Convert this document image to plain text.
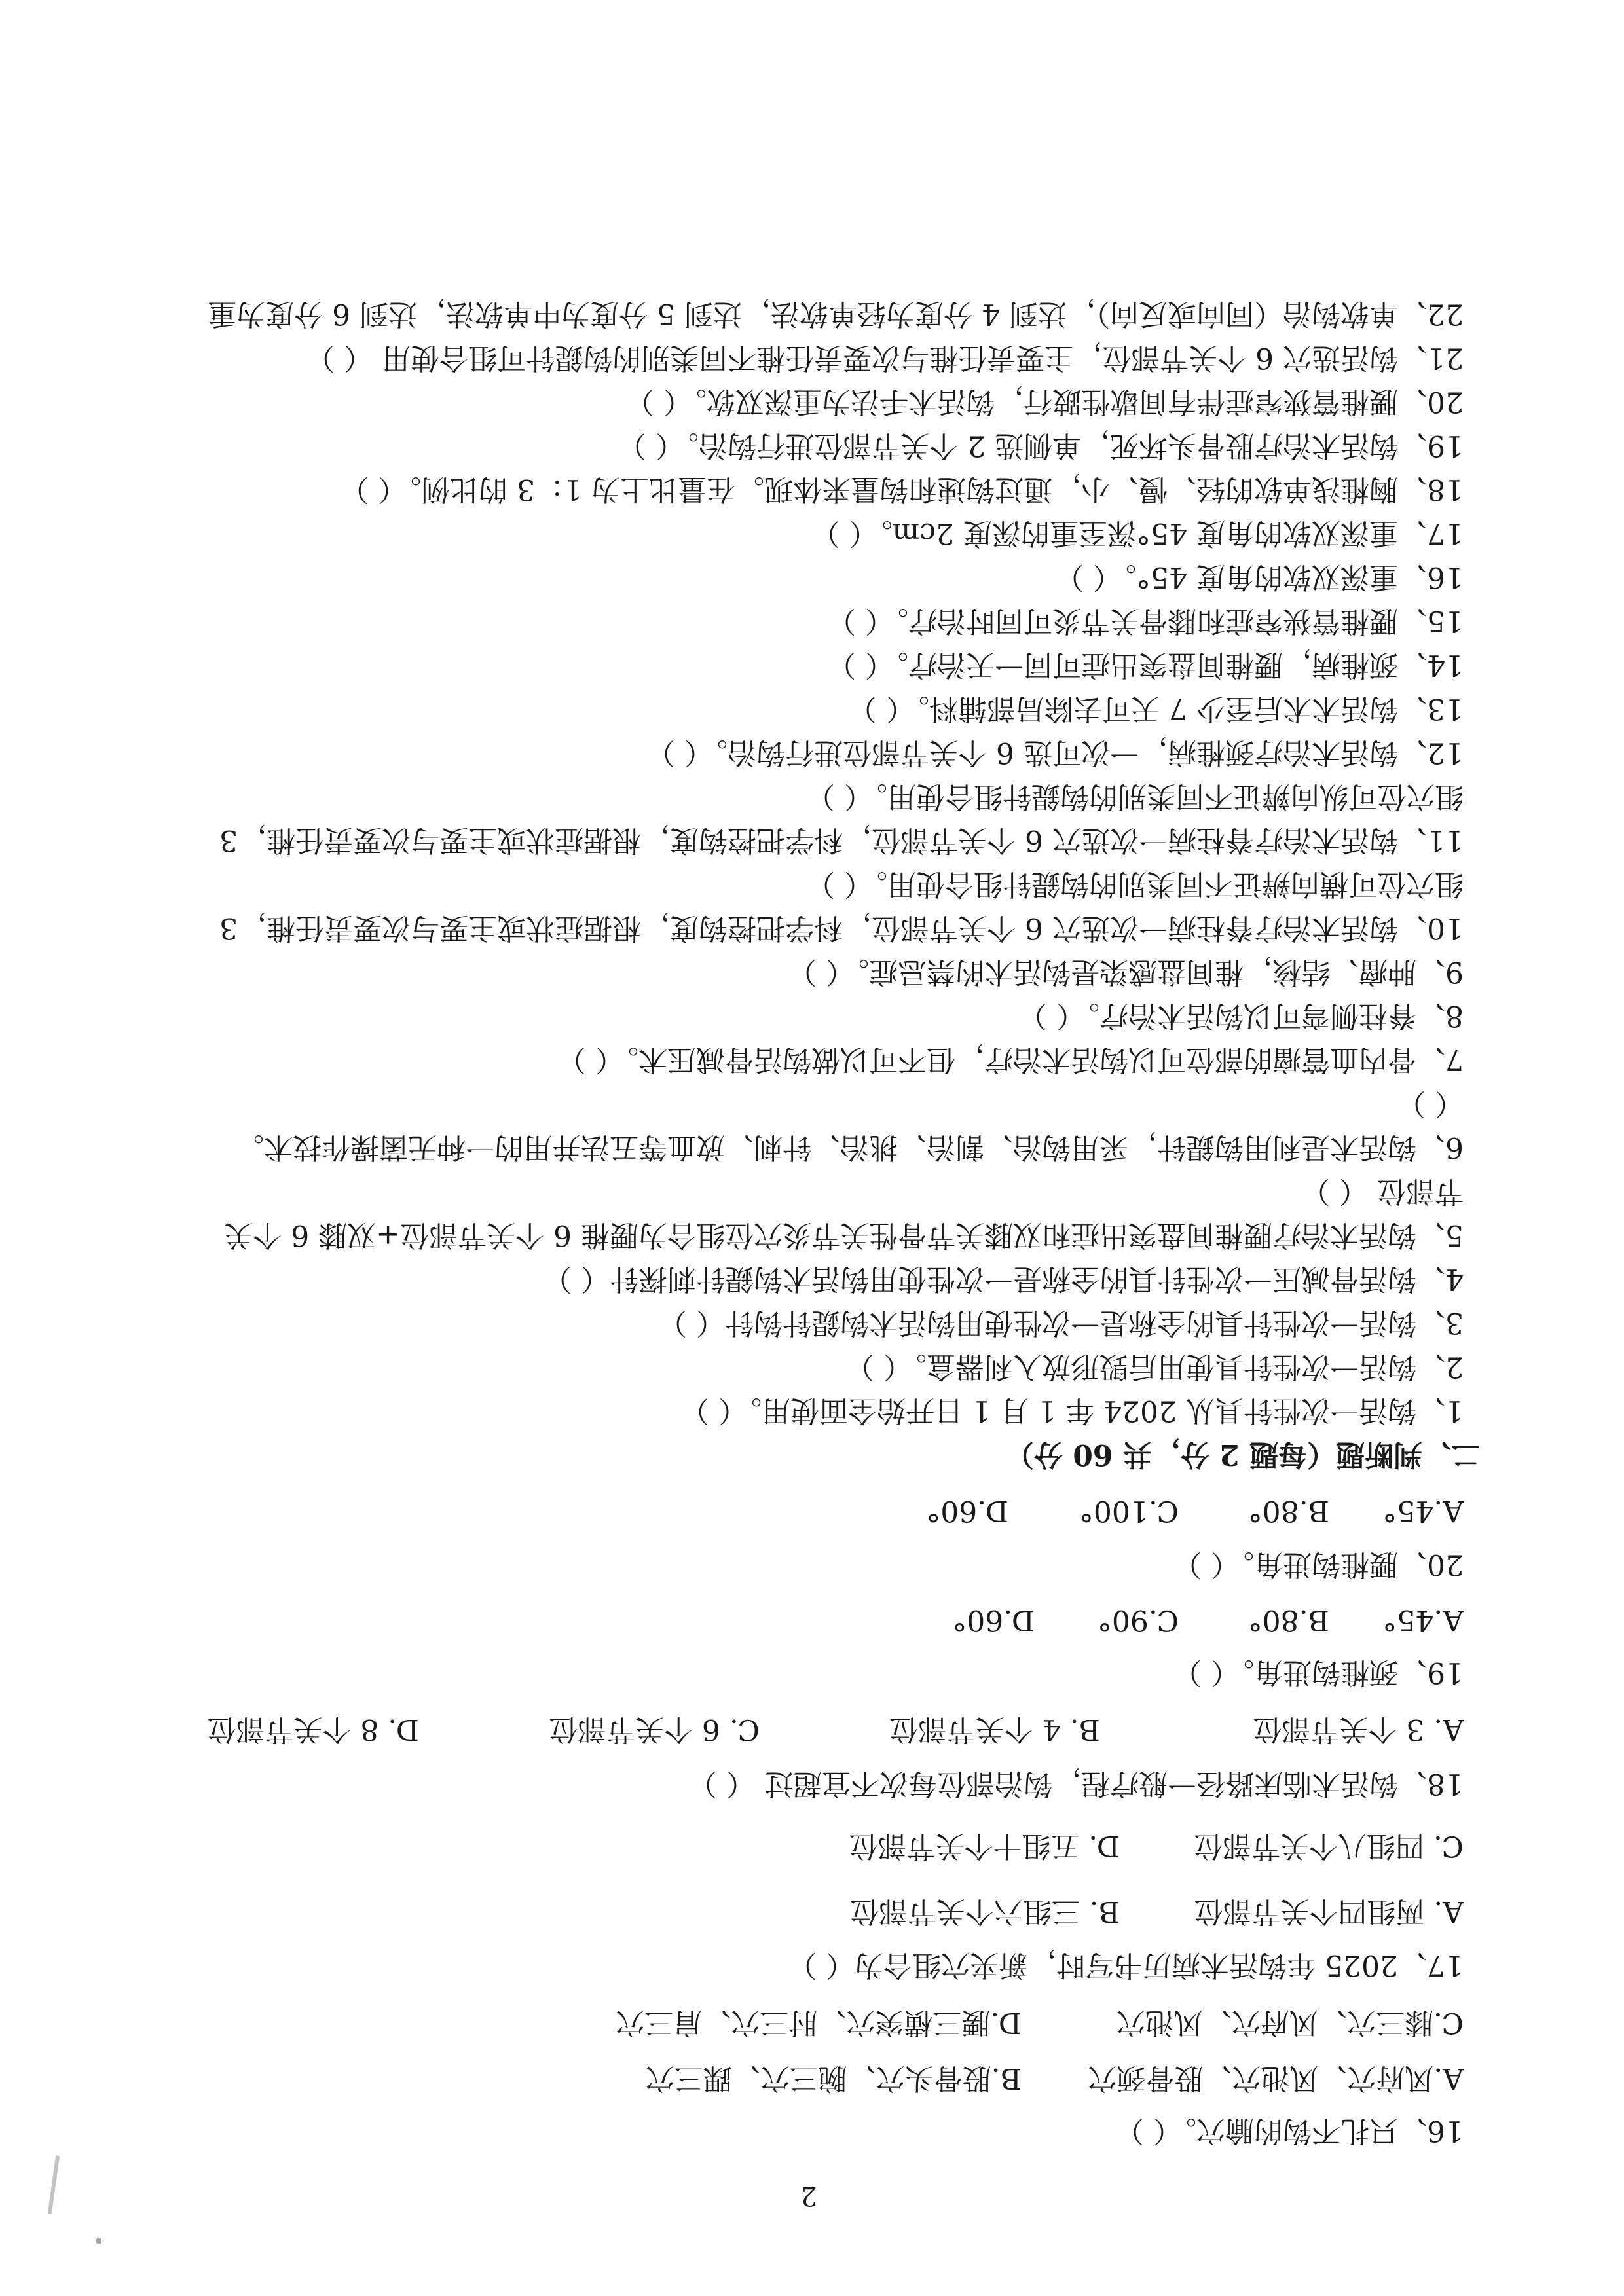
2
16、只扎不钩的腧穴。（ ）
A.风府穴、风池穴、股骨颈穴
B.股骨头穴、腕三穴、踝三穴
C.膝三穴、风府穴、风池穴
D.腰三横突穴、肘三穴、肩三穴
17、2025 年钩活术病历书写时，新夹穴组合为（ ）
A. 两组四个关节部位
B. 三组六个关节部位
C. 四组八个关节部位
D. 五组十个关节部位
18、钩活术临床路径一般疗程，钩治部位每次不宜超过 （ ）
A. 3 个关节部位
B. 4 个关节部位
C. 6 个关节部位
D. 8 个关节部位
19、颈椎钩进角。（ ）
A.45°
B.80°
C.90°
D.60°
20、腰椎钩进角。（ ）
A.45°
B.80°
C.100°
D.60°
二、判断题（每题 2 分，共 60 分）
1、钩活一次性针具从 2024 年 1 月 1 日开始全面使用。（ ）
2、钩活一次性针具使用后毁形放入利器盒。（ ）
3、钩活一次性针具的全称是一次性使用钩活术钩鍉针钩针（ ）
4、钩活骨减压一次性针具的全称是一次性使用钩活术钩鍉针刺探针（ ）
5、钩活术治疗腰椎间盘突出症和双膝关节骨性关节炎穴位组合为腰椎 6 个关节部位+双膝 6 个关
节部位 （ ）
6、钩活术是利用钩鍉针，采用钩治、割治、挑治、针刺、放血等五法并用的一种无菌操作技术。
（ ）
7、骨内血管瘤的部位可以钩活术治疗，但不可以做钩活骨减压术。（ ）
8、脊柱侧弯可以钩活术治疗。（ ）
9、肿瘤、结核，椎间盘感染是钩活术的禁忌症。（ ）
10、钩活术治疗脊柱病一次选穴 6 个关节部位，科学把控钩度，根据症状或主要与次要责任椎，3
组穴位可横向辨证不同类别的钩鍉针组合使用。（ ）
11、钩活术治疗脊柱病一次选穴 6 个关节部位，科学把控钩度，根据症状或主要与次要责任椎，3
组穴位可纵向辨证不同类别的钩鍉针组合使用。（ ）
12、钩活术治疗颈椎病，一次可选 6 个关节部位进行钩治。（ ）
13、钩活术术后至少 7 天可去除局部辅料。（ ）
14、颈椎病，腰椎间盘突出症可同一天治疗。（ ）
15、腰椎管狭窄症和膝骨关节炎可同时治疗。（ ）
16、重深双软的角度 45°。（ ）
17、重深双软的角度 45°深至重的深度 2cm。（ ）
18、胸椎浅单软的轻、慢、小，通过钩速和钩量来体现。在量比上为 1：3 的比例。（ ）
19、钩活术治疗股骨头坏死，单侧选 2 个关节部位进行钩治。（ ）
20、腰椎管狭窄症伴有间歇性跛行，钩活术手法为重深双软。（ ）
21、钩活选穴 6 个关节部位，主要责任椎与次要责任椎不同类别的钩鍉针可组合使用 （ ）
22、单软钩治（同向或反向），达到 4 分度为轻单软法，达到 5 分度为中单软法，达到 6 分度为重
